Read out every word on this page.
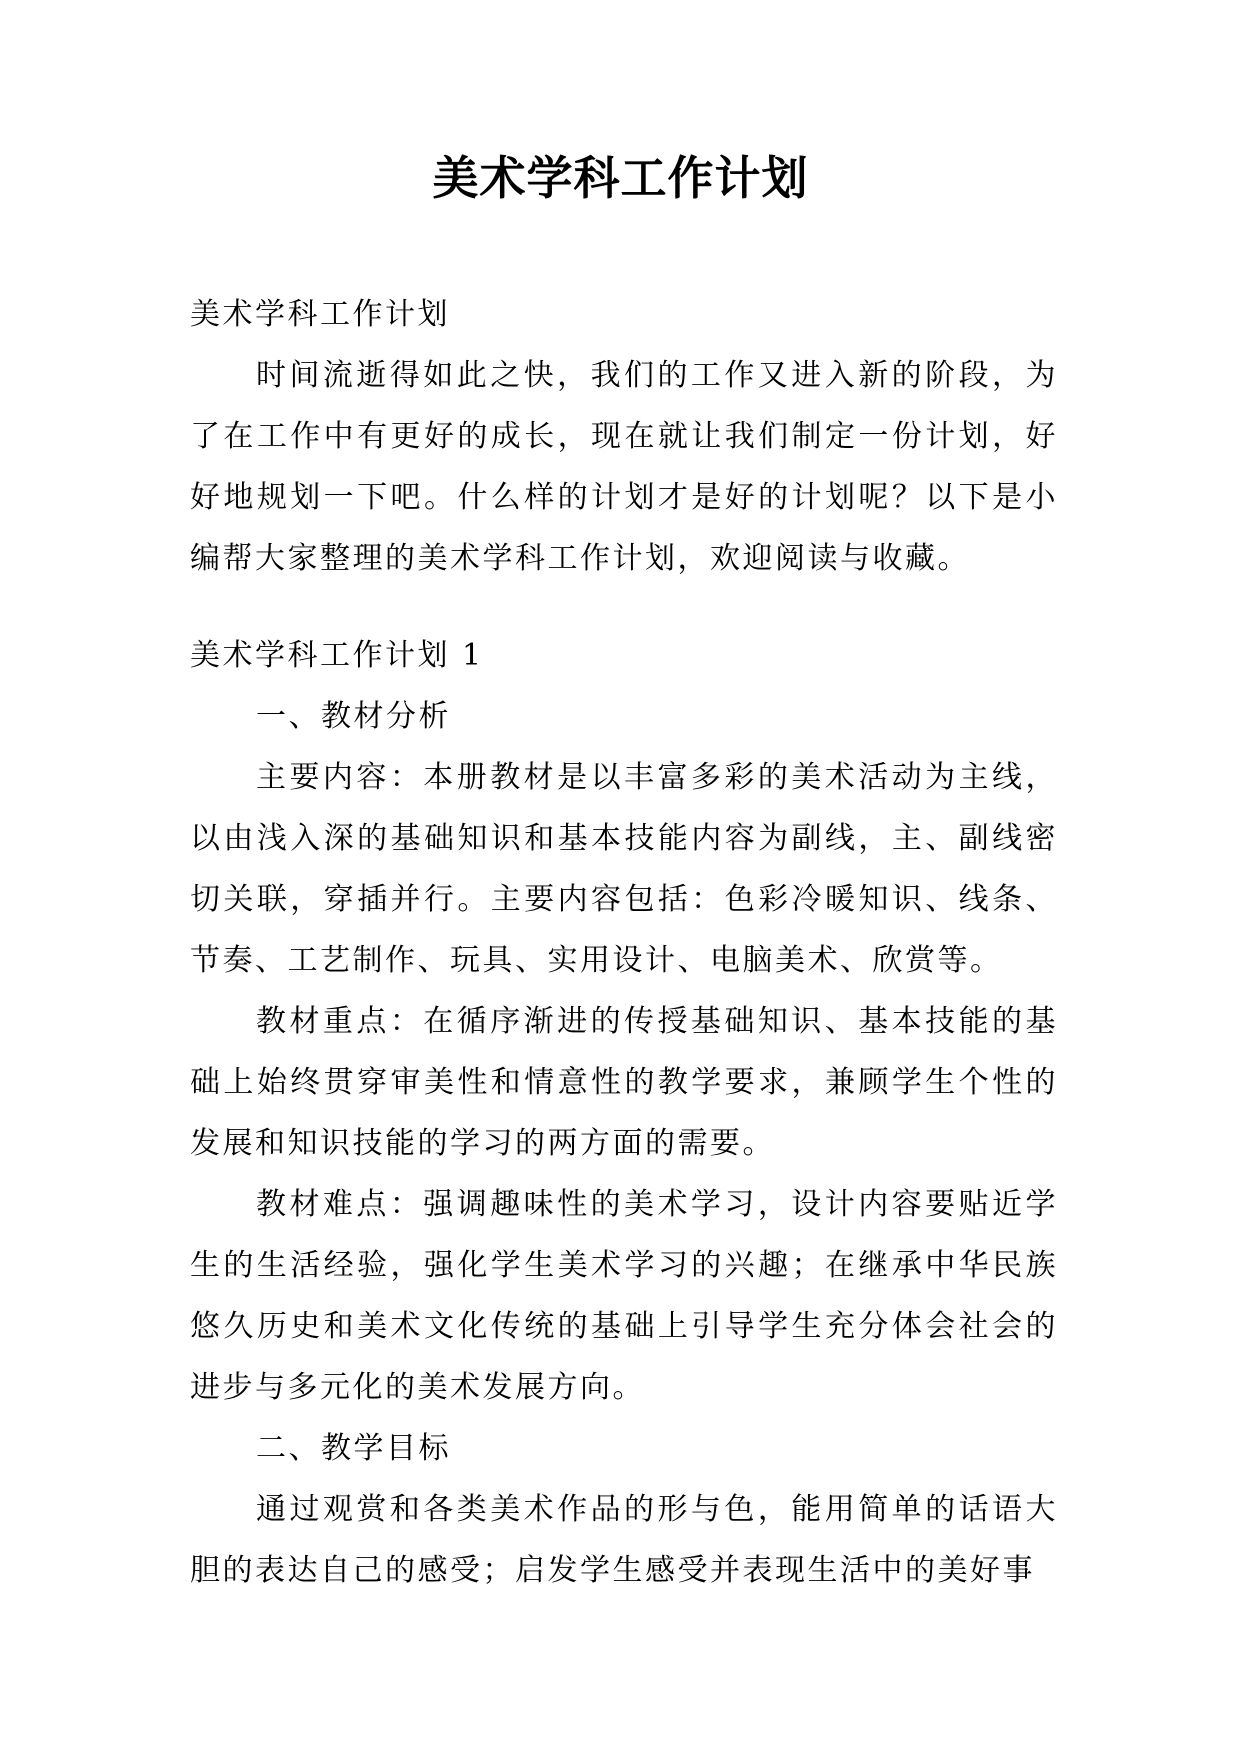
美术学科工作计划

美术学科工作计划

时间流逝得如此之快，我们的工作又进入新的阶段，为了在工作中有更好的成长，现在就让我们制定一份计划，好好地规划一下吧。什么样的计划才是好的计划呢？以下是小编帮大家整理的美术学科工作计划，欢迎阅读与收藏。

美术学科工作计划 1

一、教材分析

主要内容：本册教材是以丰富多彩的美术活动为主线，以由浅入深的基础知识和基本技能内容为副线，主、副线密切关联，穿插并行。主要内容包括：色彩冷暖知识、线条、节奏、工艺制作、玩具、实用设计、电脑美术、欣赏等。

教材重点：在循序渐进的传授基础知识、基本技能的基础上始终贯穿审美性和情意性的教学要求，兼顾学生个性的发展和知识技能的学习的两方面的需要。

教材难点：强调趣味性的美术学习，设计内容要贴近学生的生活经验，强化学生美术学习的兴趣；在继承中华民族悠久历史和美术文化传统的基础上引导学生充分体会社会的进步与多元化的美术发展方向。

二、教学目标

通过观赏和各类美术作品的形与色，能用简单的话语大胆的表达自己的感受；启发学生感受并表现生活中的美好事
